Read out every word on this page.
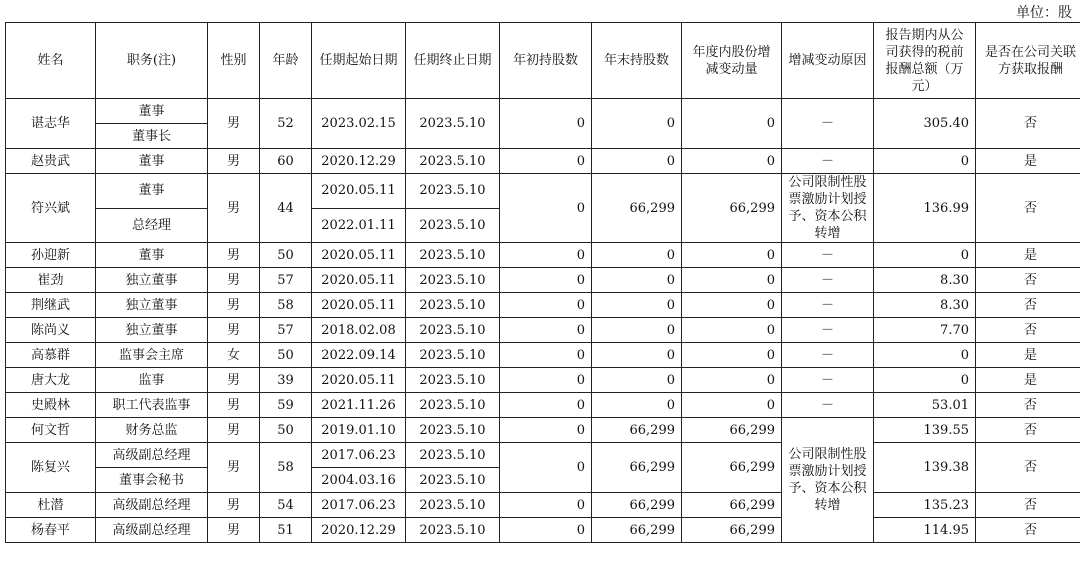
单位：股
姓名	职务(注)	性别	年龄	任期起始日期	任期终止日期	年初持股数	年末持股数	年度内股份增减变动量	增减变动原因	报告期内从公司获得的税前报酬总额（万元）	是否在公司关联方获取报酬
谌志华	董事	男	52	2023.02.15	2023.5.10	0	0	0	－	305.40	否
	董事长										
赵贵武	董事	男	60	2020.12.29	2023.5.10	0	0	0	－	0	是
符兴斌	董事	男	44	2020.05.11	2023.5.10	0	66,299	66,299	公司限制性股票激励计划授予、资本公积转增	136.99	否
	总经理			2022.01.11	2023.5.10						
孙迎新	董事	男	50	2020.05.11	2023.5.10	0	0	0	－	0	是
崔劲	独立董事	男	57	2020.05.11	2023.5.10	0	0	0	－	8.30	否
荆继武	独立董事	男	58	2020.05.11	2023.5.10	0	0	0	－	8.30	否
陈尚义	独立董事	男	57	2018.02.08	2023.5.10	0	0	0	－	7.70	否
高慕群	监事会主席	女	50	2022.09.14	2023.5.10	0	0	0	－	0	是
唐大龙	监事	男	39	2020.05.11	2023.5.10	0	0	0	－	0	是
史殿林	职工代表监事	男	59	2021.11.26	2023.5.10	0	0	0	－	53.01	否
何文哲	财务总监	男	50	2019.01.10	2023.5.10	0	66,299	66,299	公司限制性股票激励计划授予、资本公积转增	139.55	否
陈复兴	高级副总经理	男	58	2017.06.23	2023.5.10	0	66,299	66,299		139.38	否
	董事会秘书			2004.03.16	2023.5.10						
杜潜	高级副总经理	男	54	2017.06.23	2023.5.10	0	66,299	66,299		135.23	否
杨春平	高级副总经理	男	51	2020.12.29	2023.5.10	0	66,299	66,299		114.95	否
